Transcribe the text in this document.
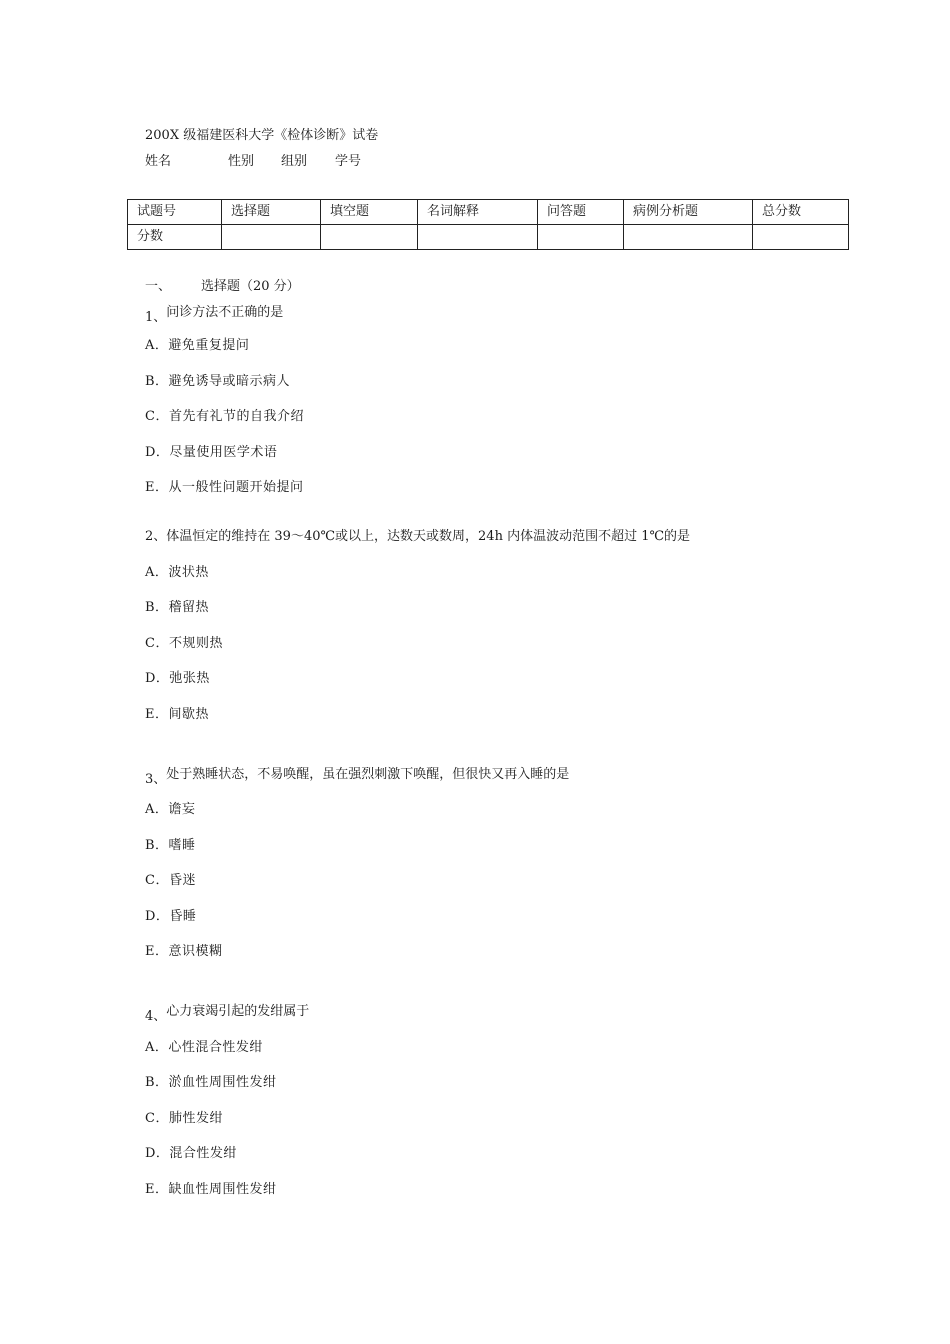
200X 级福建医科大学《检体诊断》试卷
姓名	性别 组别 学号
试题号	选择题	填空题	名词解释	问答题	病例分析题	总分数
分数						
一、 选择题（20 分）
1、问诊方法不正确的是
A．避免重复提问
B．避免诱导或暗示病人
C．首先有礼节的自我介绍
D．尽量使用医学术语
E．从一般性问题开始提问
2、体温恒定的维持在 39～40℃或以上，达数天或数周，24h 内体温波动范围不超过 1℃的是
A．波状热
B．稽留热
C．不规则热
D．弛张热
E．间歇热
3、处于熟睡状态，不易唤醒，虽在强烈刺激下唤醒，但很快又再入睡的是
A．谵妄
B．嗜睡
C．昏迷
D．昏睡
E．意识模糊
4、心力衰竭引起的发绀属于
A．心性混合性发绀
B．淤血性周围性发绀
C．肺性发绀
D．混合性发绀
E．缺血性周围性发绀
